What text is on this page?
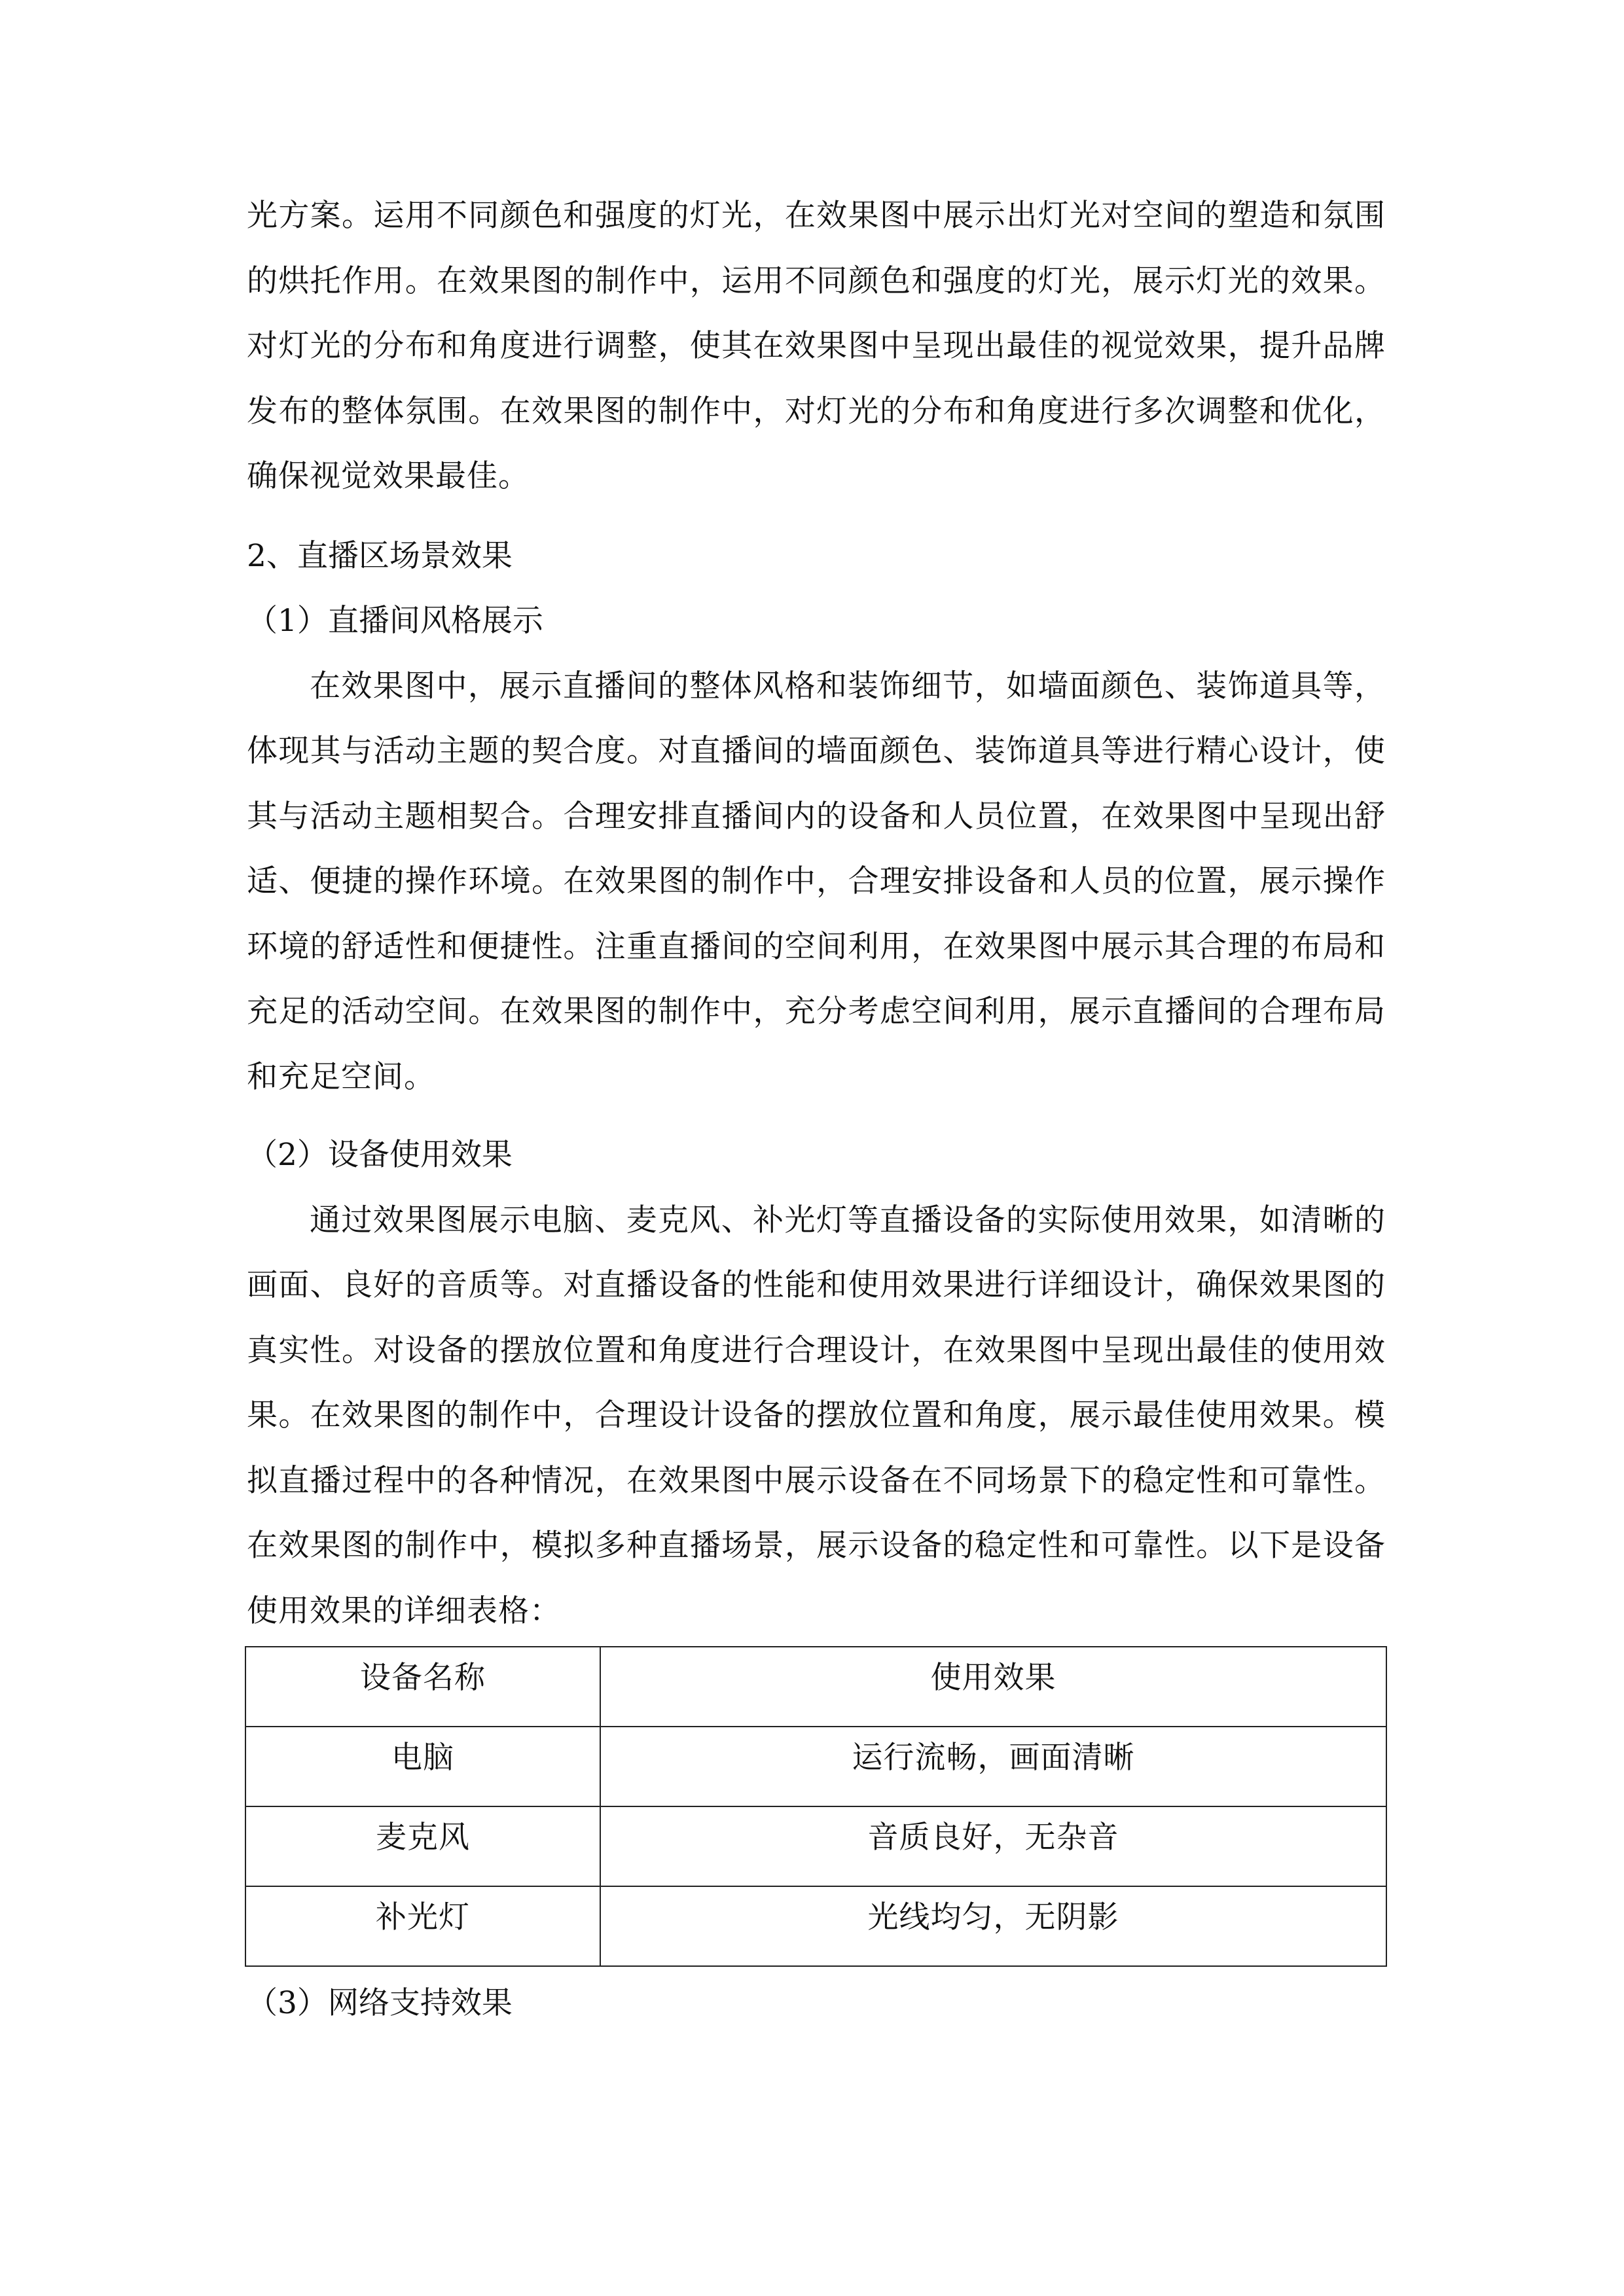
光方案。运用不同颜色和强度的灯光，在效果图中展示出灯光对空间的塑造和氛围的烘托作用。在效果图的制作中，运用不同颜色和强度的灯光，展示灯光的效果。对灯光的分布和角度进行调整，使其在效果图中呈现出最佳的视觉效果，提升品牌发布的整体氛围。在效果图的制作中，对灯光的分布和角度进行多次调整和优化，确保视觉效果最佳。

2、直播区场景效果

（1）直播间风格展示

在效果图中，展示直播间的整体风格和装饰细节，如墙面颜色、装饰道具等，体现其与活动主题的契合度。对直播间的墙面颜色、装饰道具等进行精心设计，使其与活动主题相契合。合理安排直播间内的设备和人员位置，在效果图中呈现出舒适、便捷的操作环境。在效果图的制作中，合理安排设备和人员的位置，展示操作环境的舒适性和便捷性。注重直播间的空间利用，在效果图中展示其合理的布局和充足的活动空间。在效果图的制作中，充分考虑空间利用，展示直播间的合理布局和充足空间。

（2）设备使用效果

通过效果图展示电脑、麦克风、补光灯等直播设备的实际使用效果，如清晰的画面、良好的音质等。对直播设备的性能和使用效果进行详细设计，确保效果图的真实性。对设备的摆放位置和角度进行合理设计，在效果图中呈现出最佳的使用效果。在效果图的制作中，合理设计设备的摆放位置和角度，展示最佳使用效果。模拟直播过程中的各种情况，在效果图中展示设备在不同场景下的稳定性和可靠性。在效果图的制作中，模拟多种直播场景，展示设备的稳定性和可靠性。以下是设备使用效果的详细表格：

设备名称	使用效果
电脑	运行流畅，画面清晰
麦克风	音质良好，无杂音
补光灯	光线均匀，无阴影

（3）网络支持效果
